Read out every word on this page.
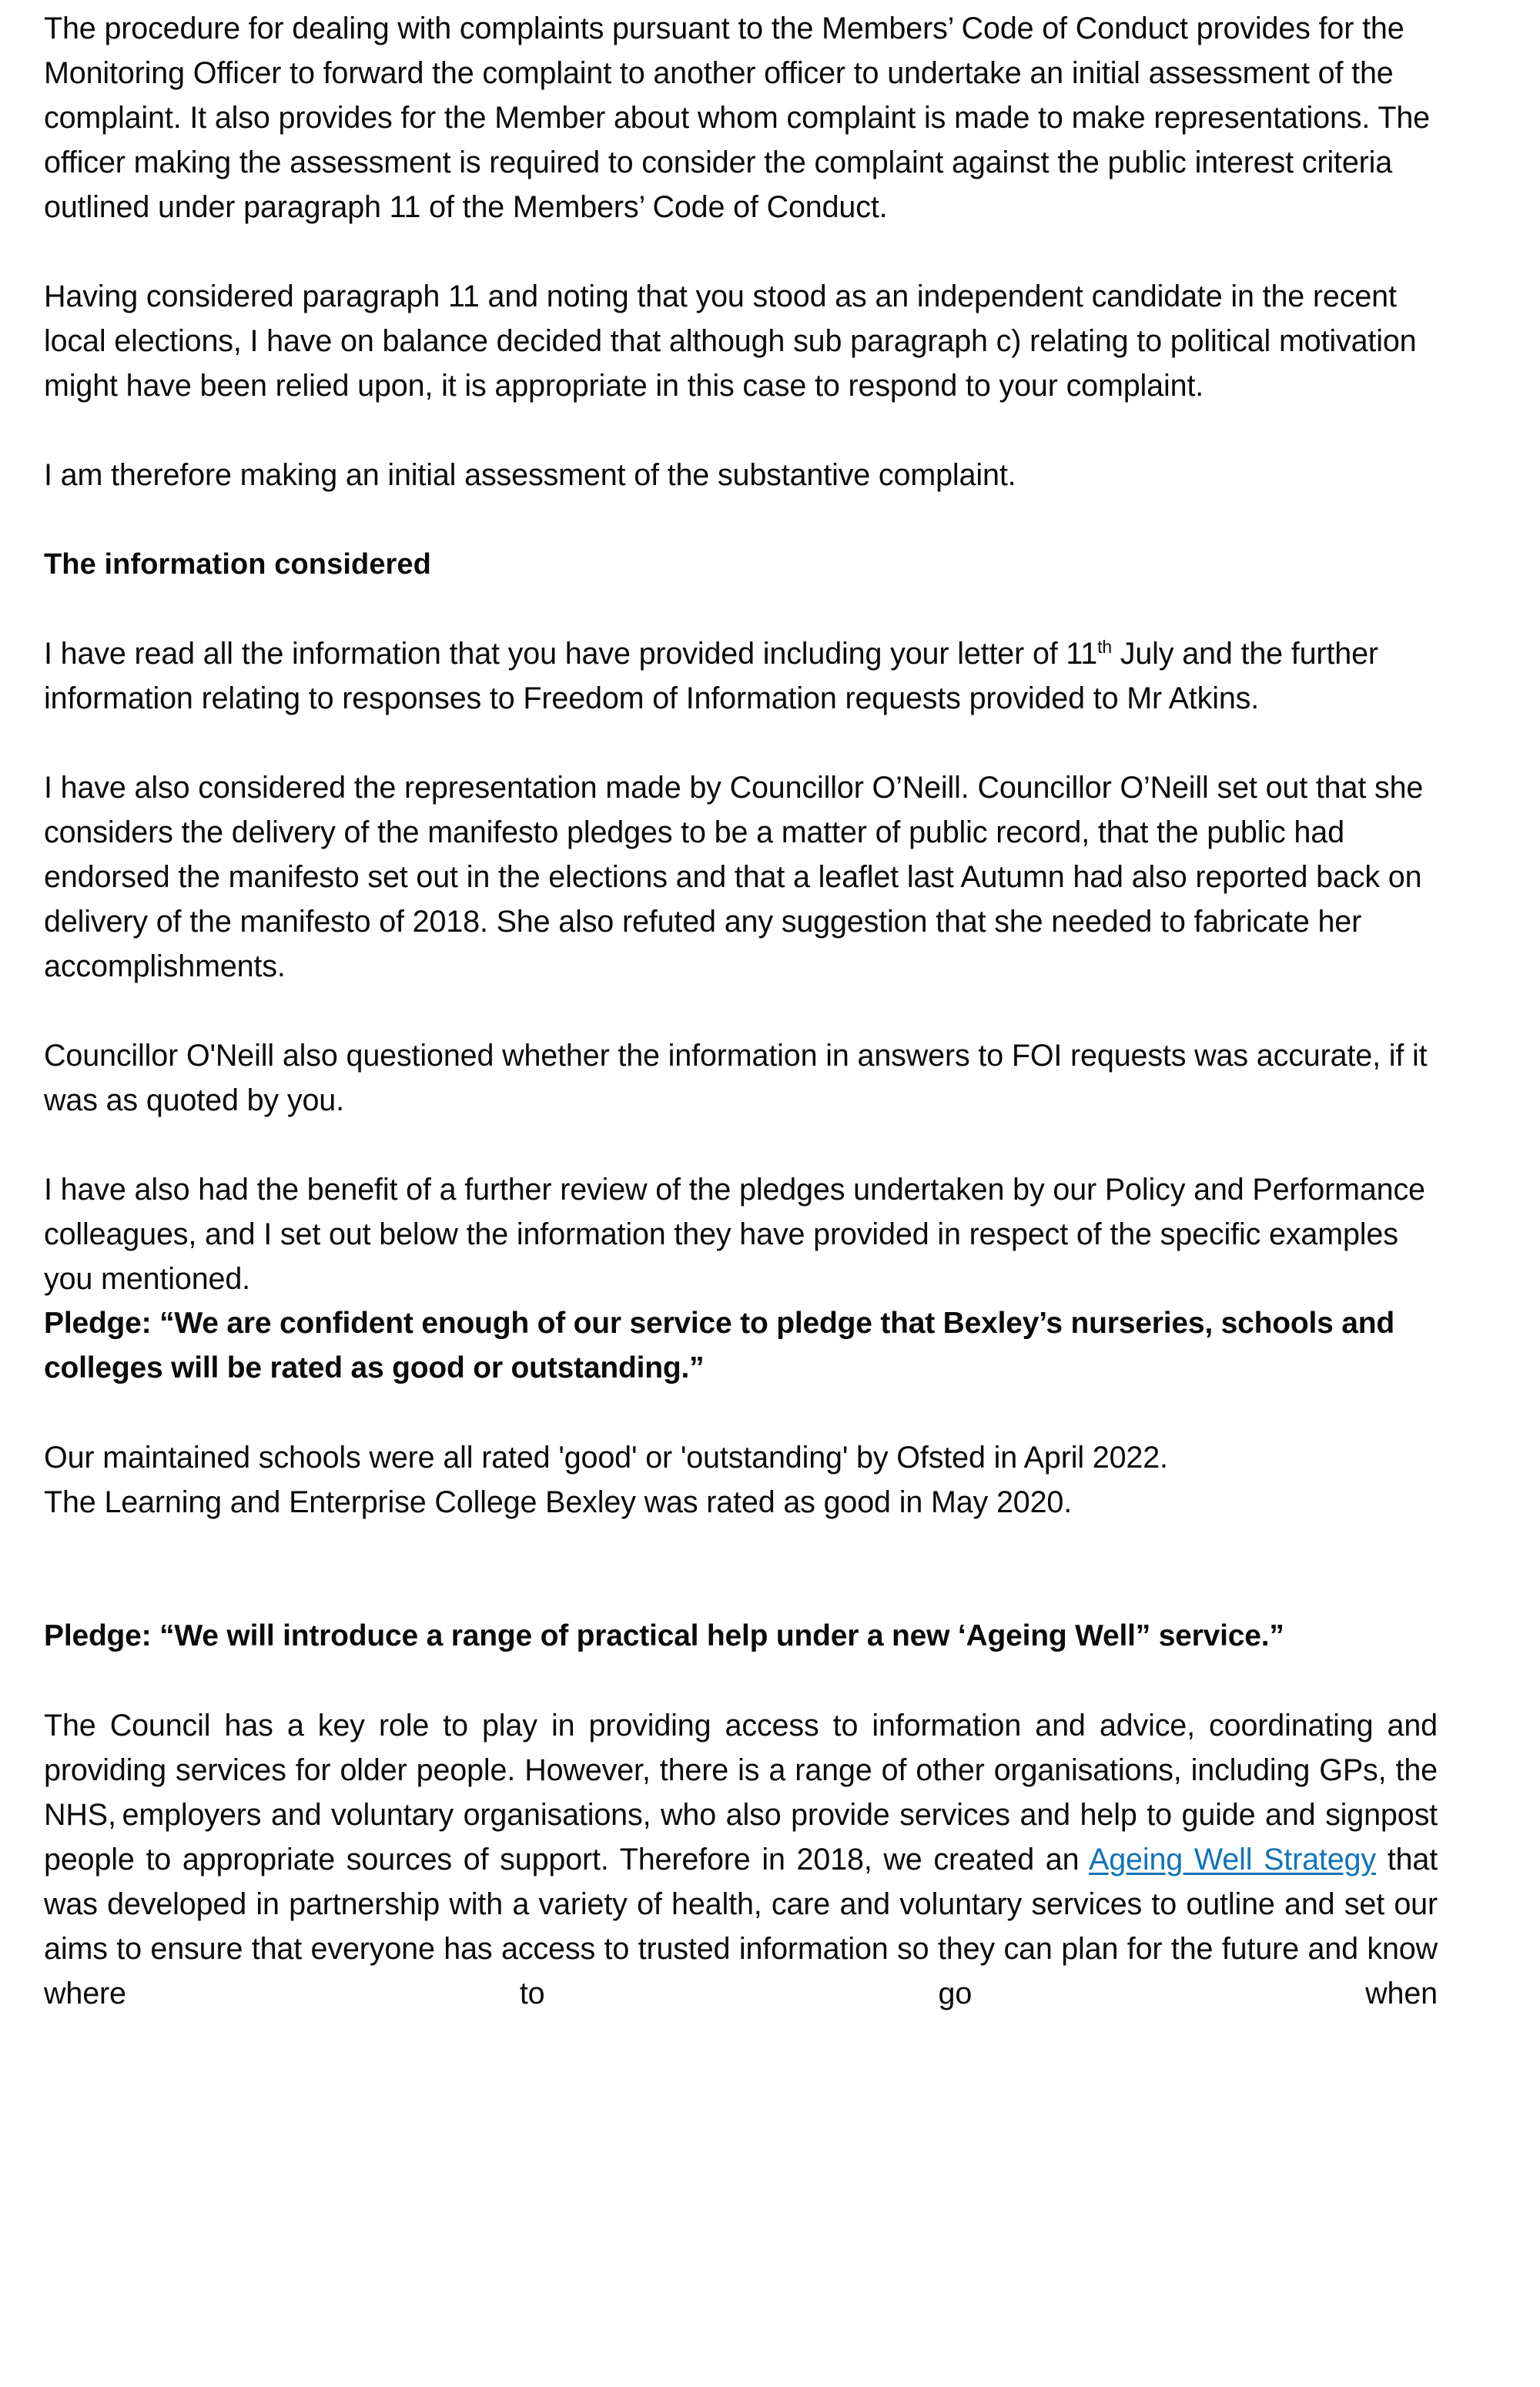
The procedure for dealing with complaints pursuant to the Members’ Code of Conduct provides for the Monitoring Officer to forward the complaint to another officer to undertake an initial assessment of the complaint. It also provides for the Member about whom complaint is made to make representations. The officer making the assessment is required to consider the complaint against the public interest criteria outlined under paragraph 11 of the Members’ Code of Conduct.

Having considered paragraph 11 and noting that you stood as an independent candidate in the recent local elections, I have on balance decided that although sub paragraph c) relating to political motivation might have been relied upon, it is appropriate in this case to respond to your complaint.

I am therefore making an initial assessment of the substantive complaint.

The information considered

I have read all the information that you have provided including your letter of 11th July and the further information relating to responses to Freedom of Information requests provided to Mr Atkins.

I have also considered the representation made by Councillor O’Neill. Councillor O’Neill set out that she considers the delivery of the manifesto pledges to be a matter of public record, that the public had endorsed the manifesto set out in the elections and that a leaflet last Autumn had also reported back on delivery of the manifesto of 2018. She also refuted any suggestion that she needed to fabricate her accomplishments.

Councillor O'Neill also questioned whether the information in answers to FOI requests was accurate, if it was as quoted by you.

I have also had the benefit of a further review of the pledges undertaken by our Policy and Performance colleagues, and I set out below the information they have provided in respect of the specific examples you mentioned.

Pledge: “We are confident enough of our service to pledge that Bexley’s nurseries, schools and colleges will be rated as good or outstanding.”

Our maintained schools were all rated 'good' or 'outstanding' by Ofsted in April 2022.

The Learning and Enterprise College Bexley was rated as good in May 2020.

Pledge: “We will introduce a range of practical help under a new ‘Ageing Well” service.”

The Council has a key role to play in providing access to information and advice, coordinating and providing services for older people. However, there is a range of other organisations, including GPs, the NHS, employers and voluntary organisations, who also provide services and help to guide and signpost people to appropriate sources of support. Therefore in 2018, we created an Ageing Well Strategy that was developed in partnership with a variety of health, care and voluntary services to outline and set our aims to ensure that everyone has access to trusted information so they can plan for the future and know where to go when
